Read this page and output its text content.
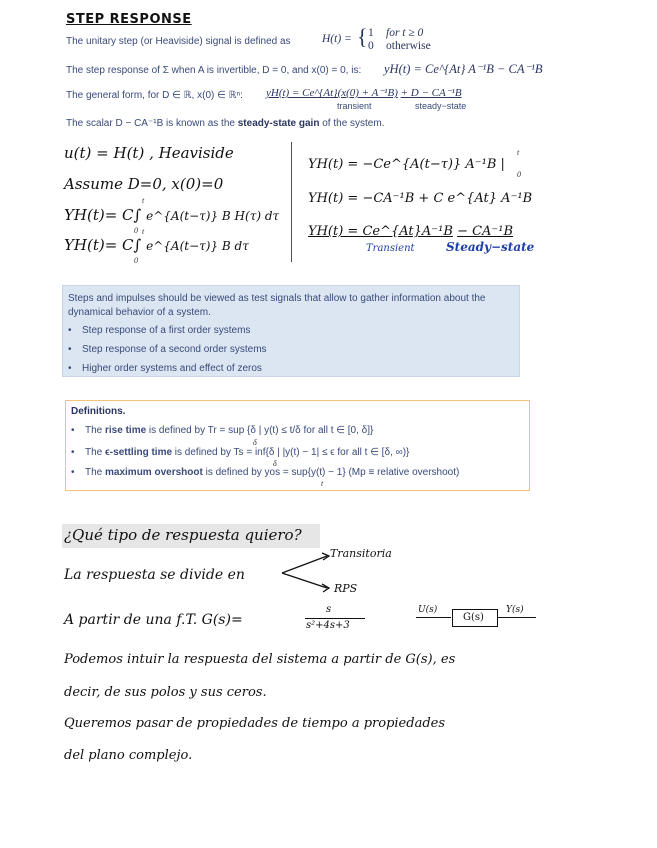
STEP RESPONSE
The unitary step (or Heaviside) signal is defined as	H(t) = { 1 for t ≥ 0
0 otherwise
The step response of Σ when A is invertible, D = 0, and x(0) = 0, is: yH(t) = Ce^{At} A⁻¹B − CA⁻¹B
The general form, for D ∈ ℝ, x(0) ∈ ℝⁿ: yH(t) = Ce^{At}(x(0) + A⁻¹B) + D − CA⁻¹B
transient	steady−state
The scalar D − CA⁻¹B is known as the steady-state gain of the system.
u(t) = H(t) , Heaviside
Assume D=0, x(0)=0
YH(t)= C∫ e^{A(t−τ)} B H(τ) dτ
t
0
YH(t)= C∫ e^{A(t−τ)} B dτ
t
0
YH(t) = −Ce^{A(t−τ)} A⁻¹B |
t
0
YH(t) = −CA⁻¹B + C e^{At} A⁻¹B
YH(t) = Ce^{At}A⁻¹B − CA⁻¹B
Transient	Steady−state
Steps and impulses should be viewed as test signals that allow to gather information about the dynamical behavior of a system.
• Step response of a first order systems
• Step response of a second order systems
• Higher order systems and effect of zeros
Definitions.
• The rise time is defined by Tr = sup {δ | y(t) ≤ t/δ for all t ∈ [0, δ]}
δ
• The ϵ-settling time is defined by Ts = inf{δ | |y(t) − 1| ≤ ϵ for all t ∈ [δ, ∞)}
δ
• The maximum overshoot is defined by yos = sup{y(t) − 1} (Mp ≡ relative overshoot)
t
¿Qué tipo de respuesta quiero?
La respuesta se divide en
Transitoria
RPS
A partir de una f.T. G(s)=
s
s²+4s+3
U(s)
G(s)
Y(s)
Podemos intuir la respuesta del sistema a partir de G(s), es
decir, de sus polos y sus ceros.
Queremos pasar de propiedades de tiempo a propiedades
del plano complejo.
